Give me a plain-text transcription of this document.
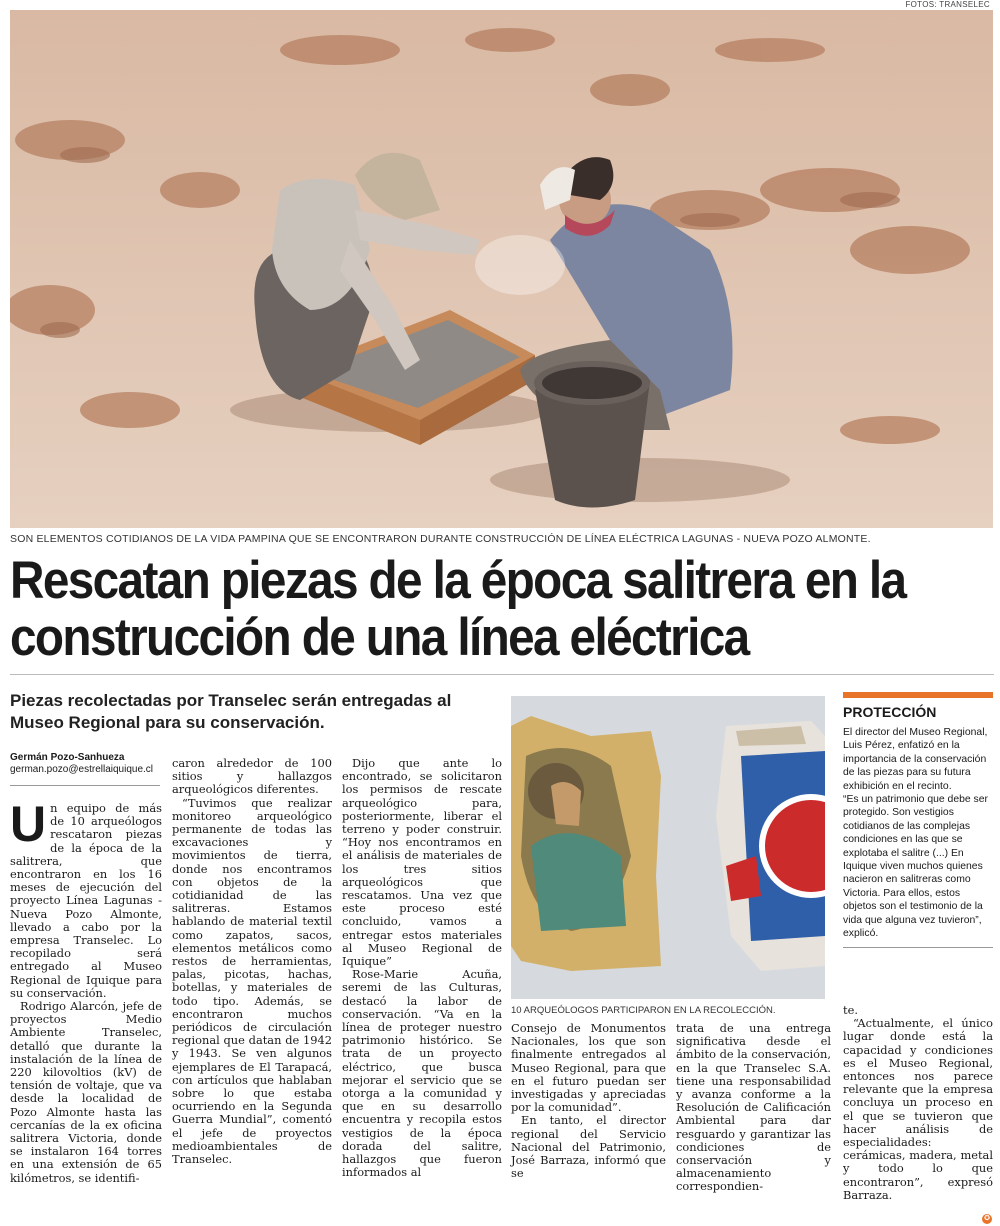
FOTOS: TRANSELEC
SON ELEMENTOS COTIDIANOS DE LA VIDA PAMPINA QUE SE ENCONTRARON DURANTE CONSTRUCCIÓN DE LÍNEA ELÉCTRICA LAGUNAS - NUEVA POZO ALMONTE.
Rescatan piezas de la época salitrera en la construcción de una línea eléctrica
Piezas recolectadas por Transelec serán entregadas al Museo Regional para su conservación.
Germán Pozo-Sanhueza
german.pozo@estrellaiquique.cl

Un equipo de más de 10 arqueólogos rescataron piezas de la época de la salitrera, que encontraron en los 16 meses de ejecución del proyecto Línea Lagunas - Nueva Pozo Almonte, llevado a cabo por la empresa Transelec. Lo recopilado será entregado al Museo Regional de Iquique para su conservación.

Rodrigo Alarcón, jefe de proyectos Medio Ambiente Transelec, detalló que durante la instalación de la línea de 220 kilovoltios (kV) de tensión de voltaje, que va desde la localidad de Pozo Almonte hasta las cercanías de la ex oficina salitrera Victoria, donde se instalaron 164 torres en una extensión de 65 kilómetros, se identifi-

caron alrededor de 100 sitios y hallazgos arqueológicos diferentes.

“Tuvimos que realizar monitoreo arqueológico permanente de todas las excavaciones y movimientos de tierra, donde nos encontramos con objetos de la cotidianidad de las salitreras. Estamos hablando de material textil como zapatos, sacos, elementos metálicos como restos de herramientas, palas, picotas, hachas, botellas, y materiales de todo tipo. Además, se encontraron muchos periódicos de circulación regional que datan de 1942 y 1943. Se ven algunos ejemplares de El Tarapacá, con artículos que hablaban sobre lo que estaba ocurriendo en la Segunda Guerra Mundial”, comentó el jefe de proyectos medioambientales de Transelec.

Dijo que ante lo encontrado, se solicitaron los permisos de rescate arqueológico para, posteriormente, liberar el terreno y poder construir. “Hoy nos encontramos en el análisis de materiales de los tres sitios arqueológicos que rescatamos. Una vez que este proceso esté concluido, vamos a entregar estos materiales al Museo Regional de Iquique”

Rose-Marie Acuña, seremi de las Culturas, destacó la labor de conservación. “Va en la línea de proteger nuestro patrimonio histórico. Se trata de un proyecto eléctrico, que busca mejorar el servicio que se otorga a la comunidad y que en su desarrollo encuentra y recopila estos vestigios de la época dorada del salitre, hallazgos que fueron informados al

10 ARQUEÓLOGOS PARTICIPARON EN LA RECOLECCIÓN.

Consejo de Monumentos Nacionales, los que son finalmente entregados al Museo Regional, para que en el futuro puedan ser investigadas y apreciadas por la comunidad”.

En tanto, el director regional del Servicio Nacional del Patrimonio, José Barraza, informó que se

trata de una entrega significativa desde el ámbito de la conservación, en la que Transelec S.A. tiene una responsabilidad y avanza conforme a la Resolución de Calificación Ambiental para dar resguardo y garantizar las condiciones de conservación y almacenamiento correspondien-

te.

“Actualmente, el único lugar donde está la capacidad y condiciones es el Museo Regional, entonces nos parece relevante que la empresa concluya un proceso en el que se tuvieron que hacer análisis de especialidades: cerámicas, madera, metal y todo lo que encontraron”, expresó Barraza.

PROTECCIÓN

El director del Museo Regional, Luis Pérez, enfatizó en la importancia de la conservación de las piezas para su futura exhibición en el recinto.

“Es un patrimonio que debe ser protegido. Son vestigios cotidianos de las complejas condiciones en las que se explotaba el salitre (...) En Iquique viven muchos quienes nacieron en salitreras como Victoria. Para ellos, estos objetos son el testimonio de la vida que alguna vez tuvieron”, explicó.

✪
